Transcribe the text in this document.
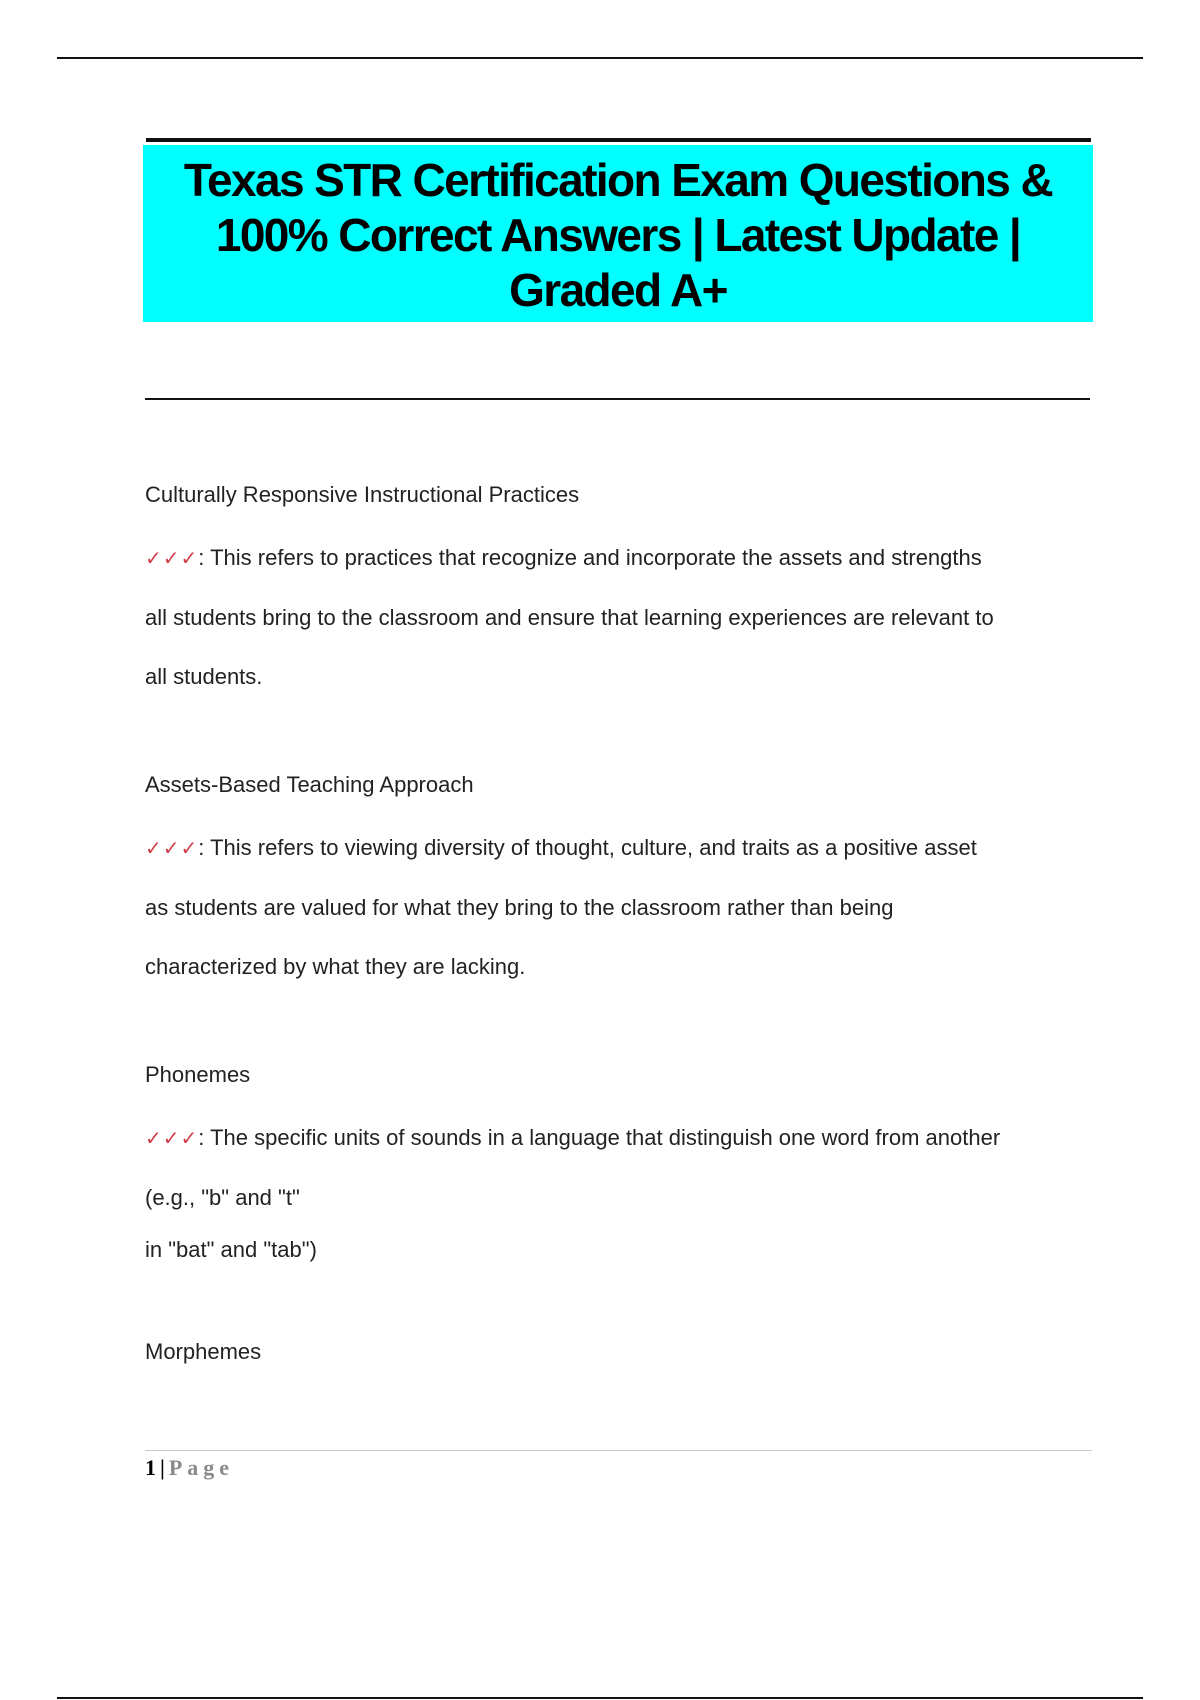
Texas STR Certification Exam Questions & 100% Correct Answers | Latest Update | Graded A+
Culturally Responsive Instructional Practices
✓✓✓: This refers to practices that recognize and incorporate the assets and strengths
all students bring to the classroom and ensure that learning experiences are relevant to
all students.
Assets-Based Teaching Approach
✓✓✓: This refers to viewing diversity of thought, culture, and traits as a positive asset
as students are valued for what they bring to the classroom rather than being
characterized by what they are lacking.
Phonemes
✓✓✓: The specific units of sounds in a language that distinguish one word from another
(e.g., "b" and "t"
in "bat" and "tab")
Morphemes
1 | Page
